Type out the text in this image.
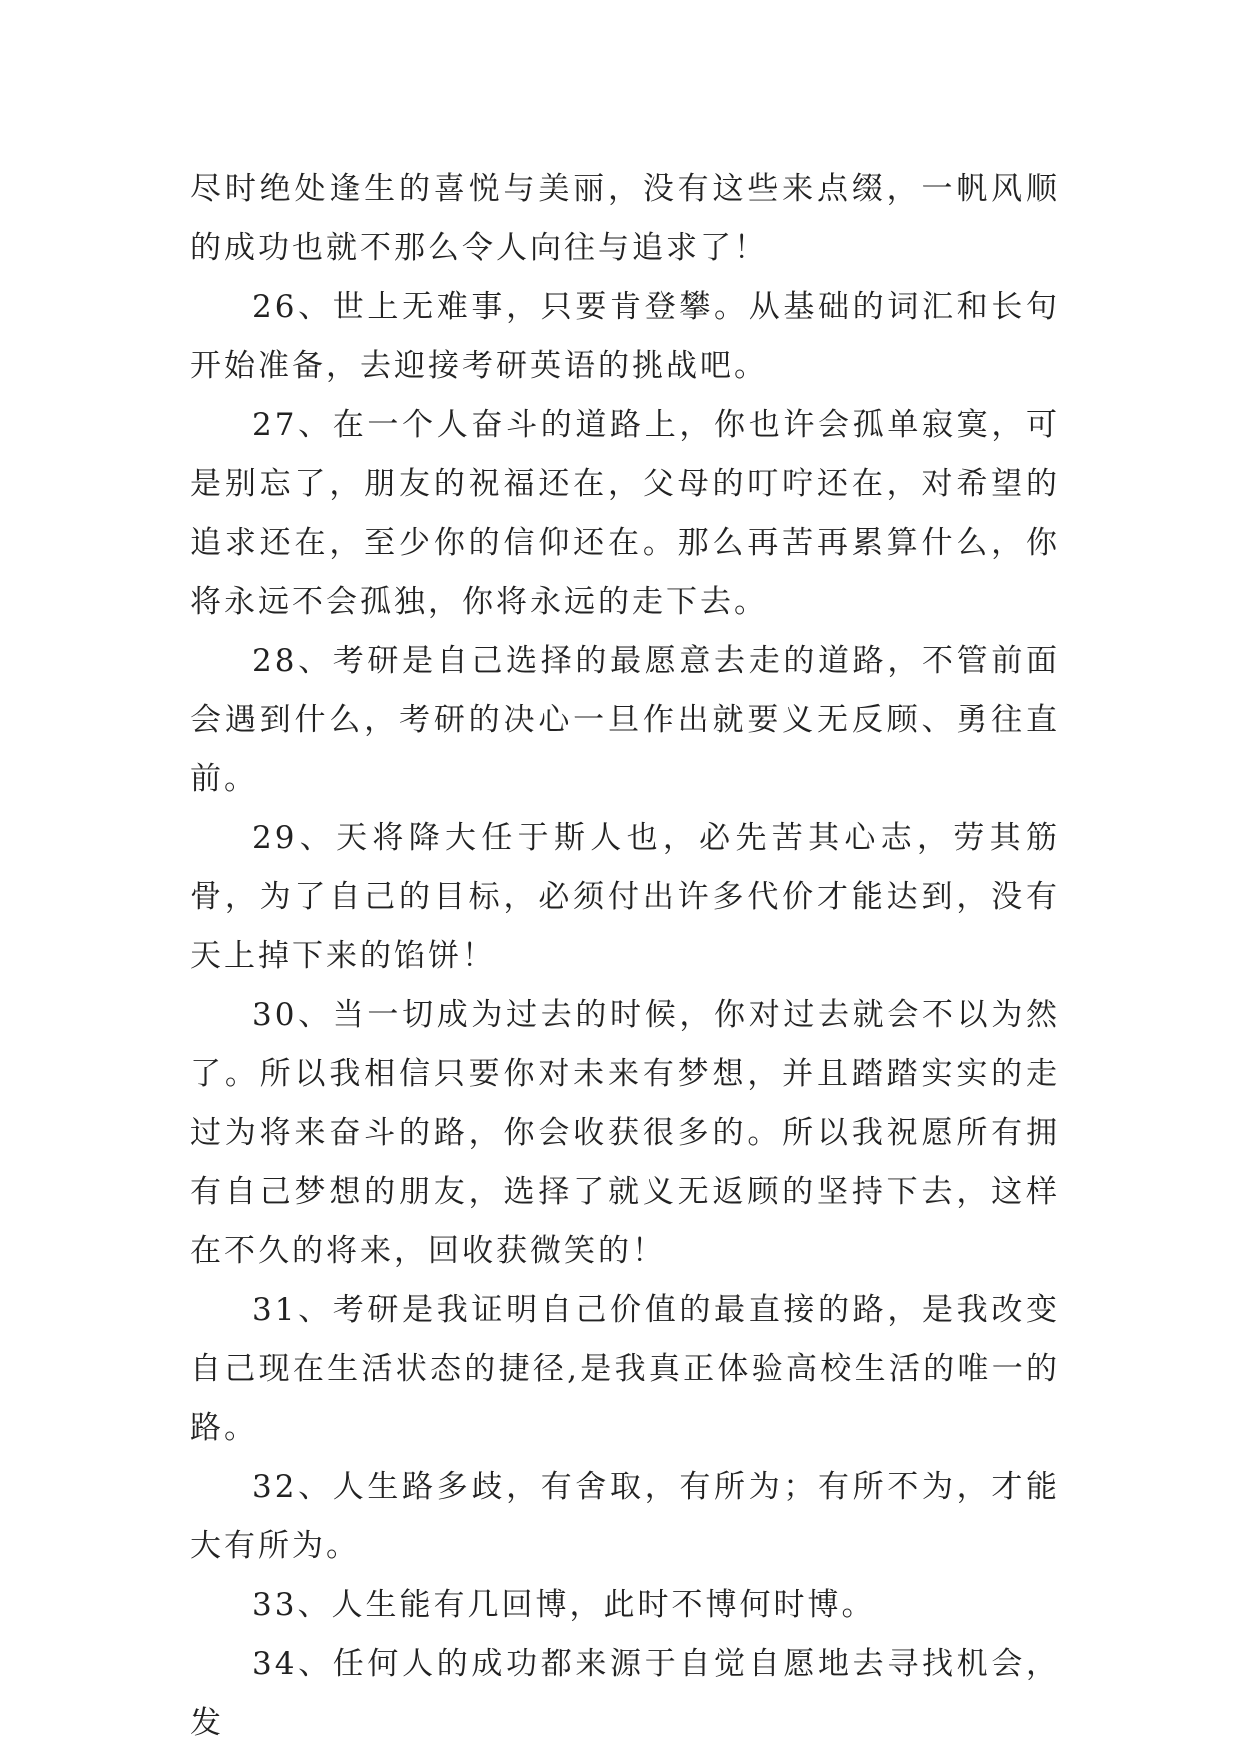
尽时绝处逢生的喜悦与美丽，没有这些来点缀，一帆风顺的成功也就不那么令人向往与追求了！

26、世上无难事，只要肯登攀。从基础的词汇和长句开始准备，去迎接考研英语的挑战吧。

27、在一个人奋斗的道路上，你也许会孤单寂寞，可是别忘了，朋友的祝福还在，父母的叮咛还在，对希望的追求还在，至少你的信仰还在。那么再苦再累算什么，你将永远不会孤独，你将永远的走下去。

28、考研是自己选择的最愿意去走的道路，不管前面会遇到什么，考研的决心一旦作出就要义无反顾、勇往直前。

29、天将降大任于斯人也，必先苦其心志，劳其筋骨，为了自己的目标，必须付出许多代价才能达到，没有天上掉下来的馅饼！

30、当一切成为过去的时候，你对过去就会不以为然了。所以我相信只要你对未来有梦想，并且踏踏实实的走过为将来奋斗的路，你会收获很多的。所以我祝愿所有拥有自己梦想的朋友，选择了就义无返顾的坚持下去，这样在不久的将来，回收获微笑的！

31、考研是我证明自己价值的最直接的路，是我改变自己现在生活状态的捷径,是我真正体验高校生活的唯一的路。

32、人生路多歧，有舍取，有所为；有所不为，才能大有所为。

33、人生能有几回博，此时不博何时博。

34、任何人的成功都来源于自觉自愿地去寻找机会，发
